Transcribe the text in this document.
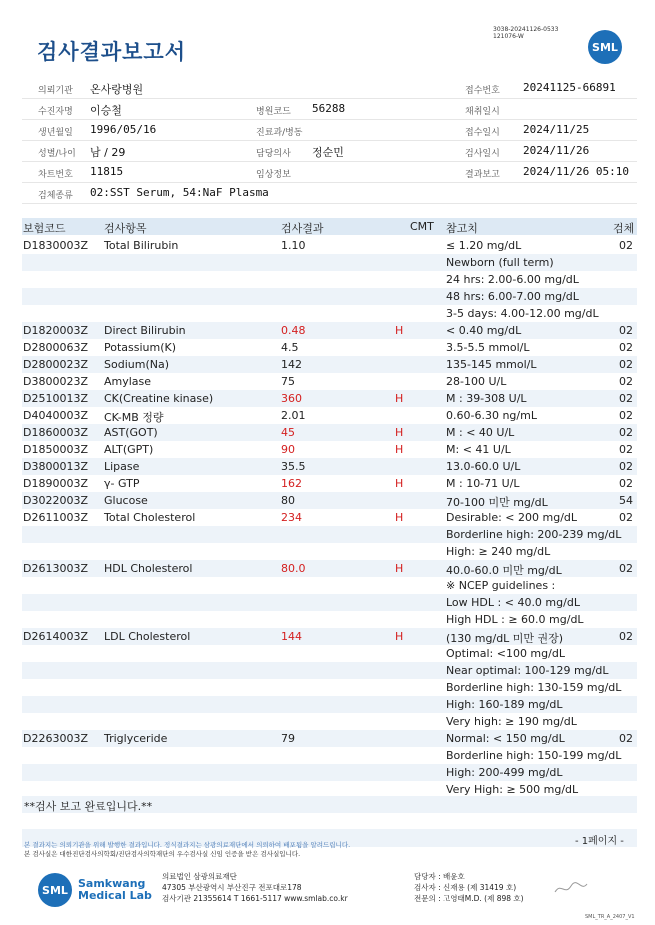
검사결과보고서
3038-20241126-0533
121076-W
SML
의뢰기관 온사랑병원	접수번호 20241125-66891
수진자명 이승철	병원코드 56288	채취일시
생년월일 1996/05/16	진료과/병동	접수일시 2024/11/25
성별/나이 남 / 29	담당의사 정순민	검사일시 2024/11/26
차트번호 11815	임상정보	결과보고 2024/11/26 05:10
검체종류 02:SST Serum, 54:NaF Plasma
보험코드	검사항목	검사결과	CMT 참고치	검체
D1830003Z Total Bilirubin	1.10	≤ 1.20 mg/dL	02
Newborn (full term)
24 hrs: 2.00-6.00 mg/dL
48 hrs: 6.00-7.00 mg/dL
3-5 days: 4.00-12.00 mg/dL
D1820003Z Direct Bilirubin	0.48	H	< 0.40 mg/dL	02
D2800063Z Potassium(K)	4.5	3.5-5.5 mmol/L	02
D2800023Z Sodium(Na)	142	135-145 mmol/L	02
D3800023Z Amylase	75	28-100 U/L	02
D2510013Z CK(Creatine kinase)	360	H	M : 39-308 U/L	02
D4040003Z CK-MB 정량	2.01	0.60-6.30 ng/mL	02
D1860003Z AST(GOT)	45	H	M : < 40 U/L	02
D1850003Z ALT(GPT)	90	H	M: < 41 U/L	02
D3800013Z Lipase	35.5	13.0-60.0 U/L	02
D1890003Z γ- GTP	162	H	M : 10-71 U/L	02
D3022003Z Glucose	80	70-100 미만 mg/dL	54
D2611003Z Total Cholesterol	234	H	Desirable: < 200 mg/dL	02
Borderline high: 200-239 mg/dL
High: ≥ 240 mg/dL
D2613003Z HDL Cholesterol	80.0	H	40.0-60.0 미만 mg/dL	02
※ NCEP guidelines :
Low HDL : < 40.0 mg/dL
High HDL : ≥ 60.0 mg/dL
D2614003Z LDL Cholesterol	144	H	(130 mg/dL 미만 권장)	02
Optimal: <100 mg/dL
Near optimal: 100-129 mg/dL
Borderline high: 130-159 mg/dL
High: 160-189 mg/dL
Very high: ≥ 190 mg/dL
D2263003Z Triglyceride	79	Normal: < 150 mg/dL	02
Borderline high: 150-199 mg/dL
High: 200-499 mg/dL
Very High: ≥ 500 mg/dL
**검사 보고 완료입니다.**
본 결과지는 의뢰기관을 위해 발행한 결과입니다. 정식결과지는 삼광의료재단에서 의뢰하여 배포됨을 알려드립니다.
본 검사실은 대한진단검사의학회/진단검사의학재단의 우수검사실 신임 인증을 받은 검사실입니다.
- 1페이지 -
SML Samkwang
Medical Lab
의료법인 삼광의료재단
47305 부산광역시 부산진구 전포대로178
검사기관 21355614 T 1661-5117 www.smlab.co.kr
담당자 : 배윤호
검사자 : 신재용 (제 31419 호)
전문의 : 고영태M.D. (제 898 호)
SML_TR_A_2407_V1
